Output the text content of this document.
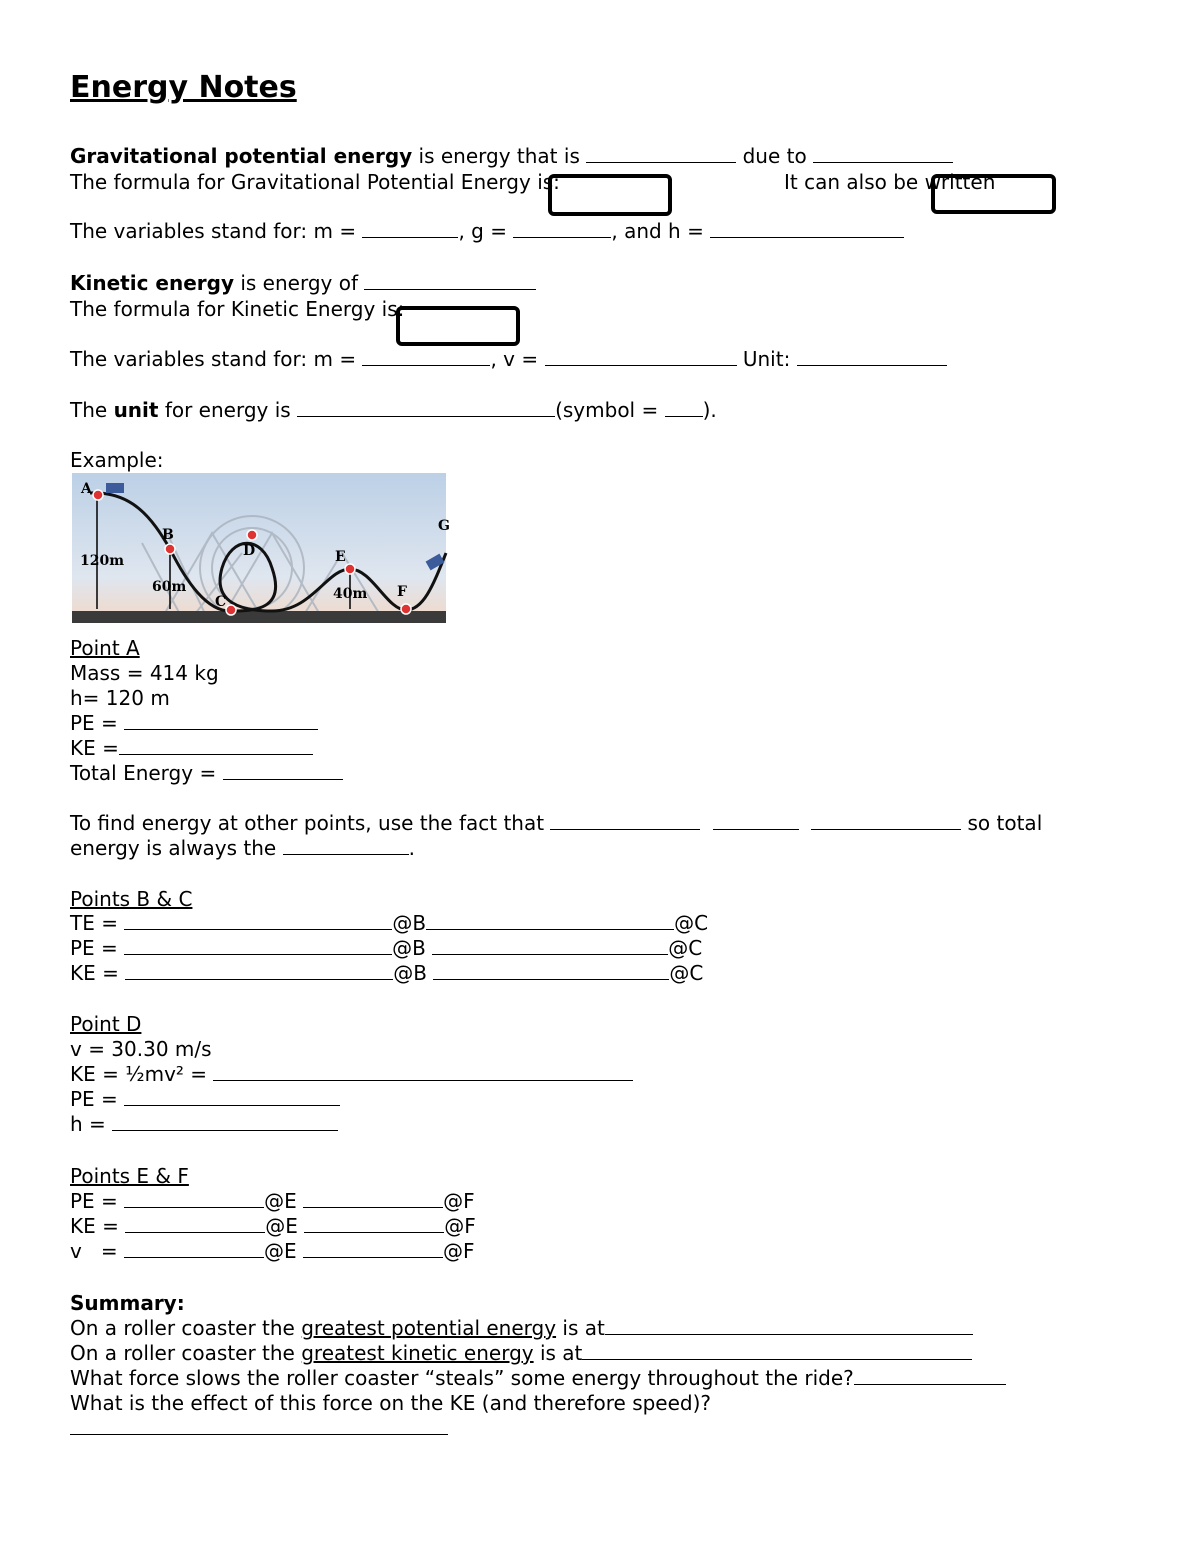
Energy Notes
Gravitational potential energy is energy that is	due to
The formula for Gravitational Potential Energy is:	It can also be written
The variables stand for: m =	, g =	, and h =
Kinetic energy is energy of
The formula for Kinetic Energy is:
The variables stand for: m =	, v =	Unit:
The unit for energy is	(symbol = ).
Example:
A
B
C
D	E
F
G
120m
60m	40m
Point A
Mass = 414 kg
h= 120 m
PE =
KE =
Total Energy =
To find energy at other points, use the fact that	so total
energy is always the	.
Points B & C
TE =	@B	@C
PE =	@B	@C
KE =	@B	@C
Point D
v = 30.30 m/s
KE = ½mv² =
PE =
h =
Points E & F
PE =	@E	@F
KE =	@E	@F
v   =	@E	@F
Summary:
On a roller coaster the greatest potential energy is at
On a roller coaster the greatest kinetic energy is at
What force slows the roller coaster “steals” some energy throughout the ride?
What is the effect of this force on the KE (and therefore speed)?
